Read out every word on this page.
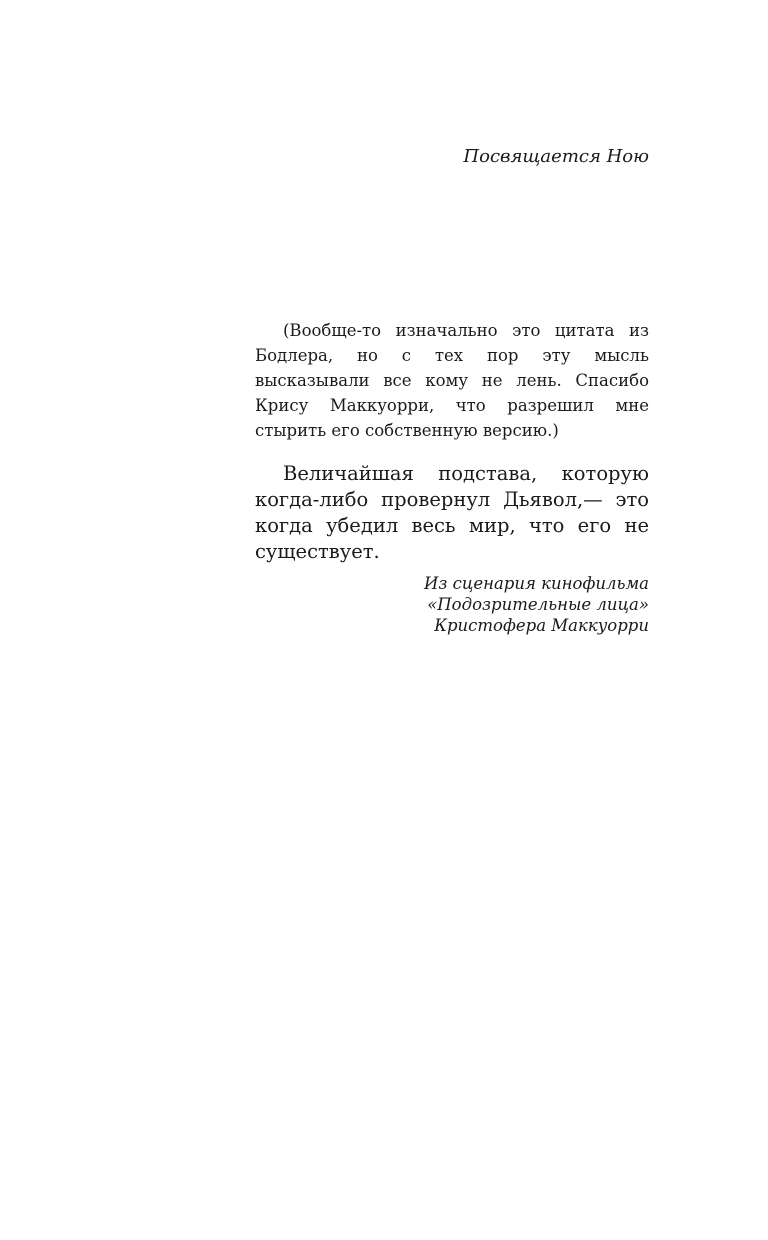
Посвящается Ною

(Вообще-то изначально это цитата из Бодлера, но с тех пор эту мысль высказывали все кому не лень. Спасибо Крису Маккуорри, что разрешил мне стырить его собственную версию.)

Величайшая подстава, которую когда-либо провернул Дьявол,— это когда убедил весь мир, что его не существует.

Из сценария кинофильма
«Подозрительные лица»
Кристофера Маккуорри
